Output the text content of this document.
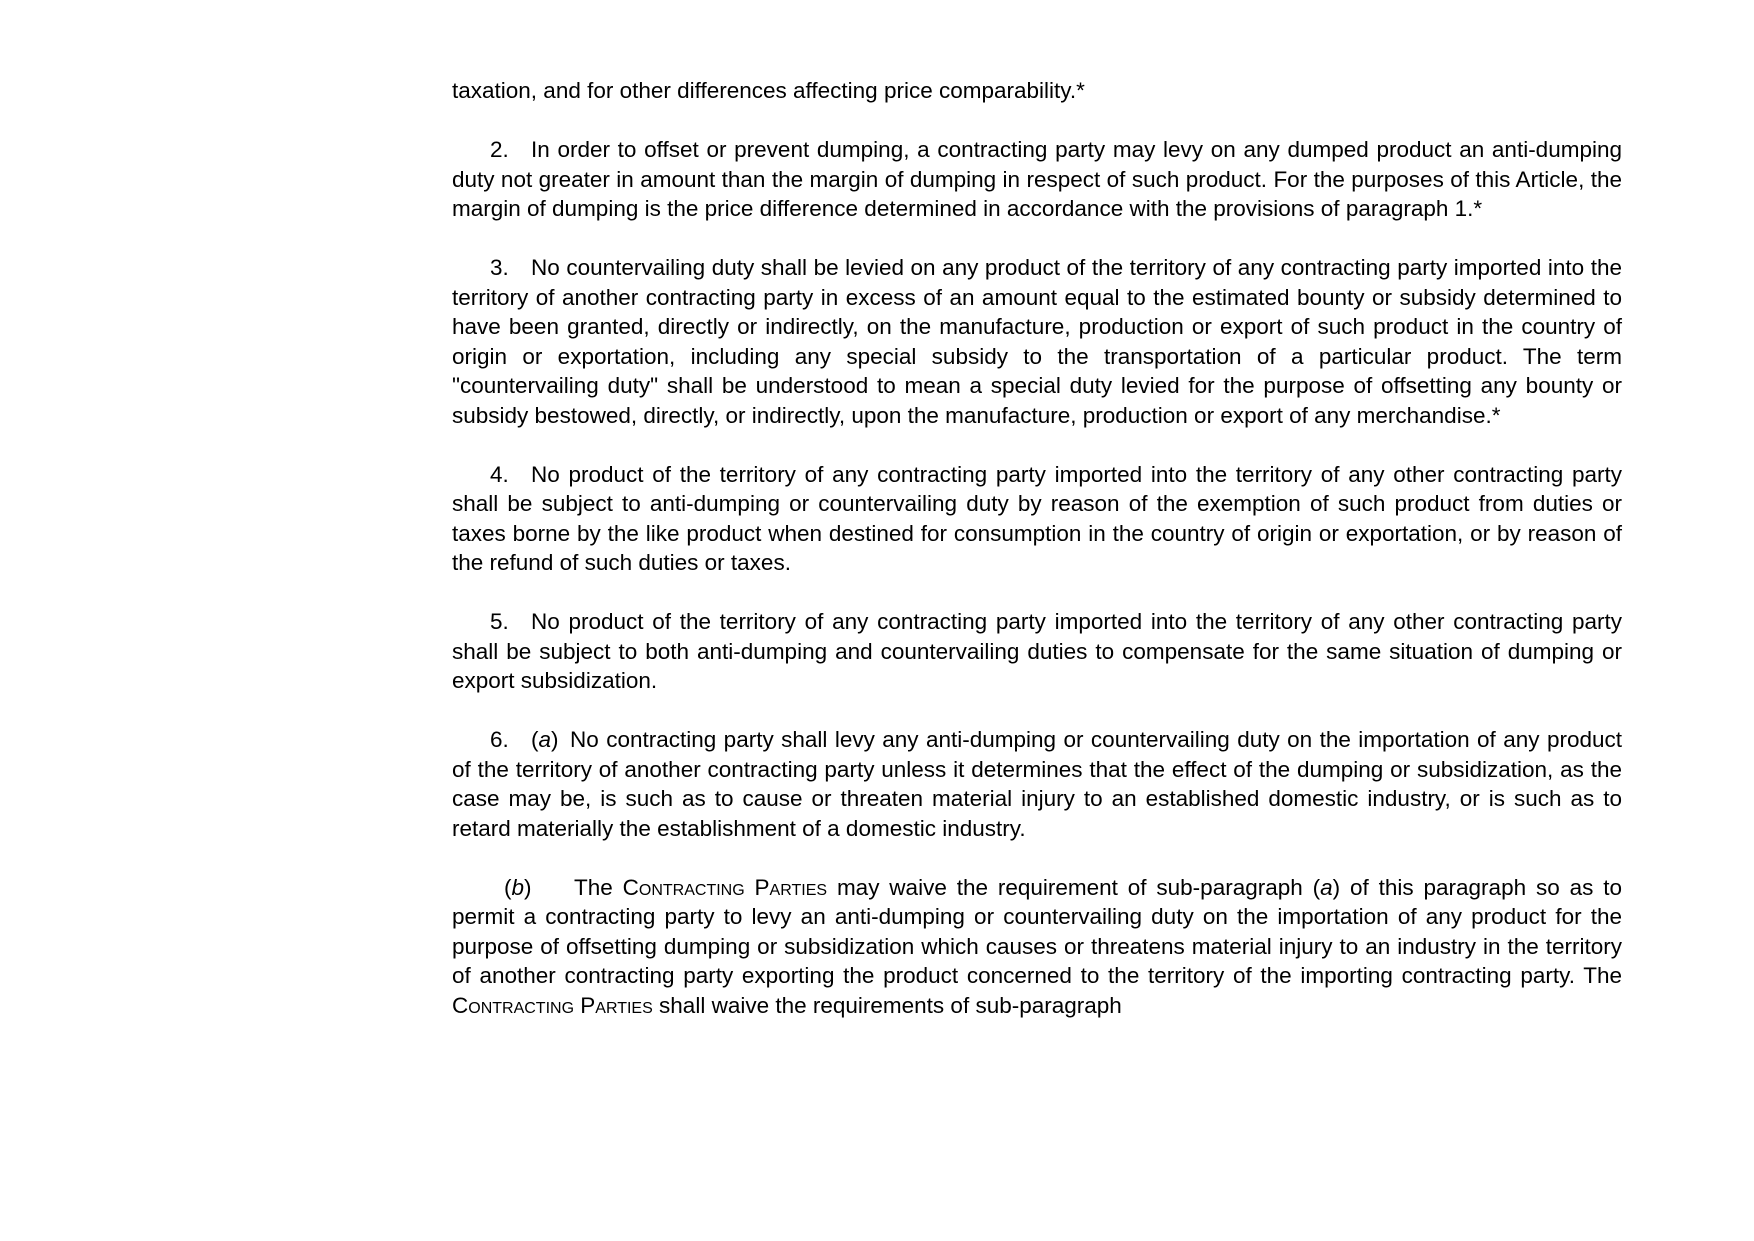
taxation, and for other differences affecting price comparability.*

2. In order to offset or prevent dumping, a contracting party may levy on any dumped product an anti-dumping duty not greater in amount than the margin of dumping in respect of such product. For the purposes of this Article, the margin of dumping is the price difference determined in accordance with the provisions of paragraph 1.*

3. No countervailing duty shall be levied on any product of the territory of any contracting party imported into the territory of another contracting party in excess of an amount equal to the estimated bounty or subsidy determined to have been granted, directly or indirectly, on the manufacture, production or export of such product in the country of origin or exportation, including any special subsidy to the transportation of a particular product. The term "countervailing duty" shall be understood to mean a special duty levied for the purpose of offsetting any bounty or subsidy bestowed, directly, or indirectly, upon the manufacture, production or export of any merchandise.*

4. No product of the territory of any contracting party imported into the territory of any other contracting party shall be subject to anti-dumping or countervailing duty by reason of the exemption of such product from duties or taxes borne by the like product when destined for consumption in the country of origin or exportation, or by reason of the refund of such duties or taxes.

5. No product of the territory of any contracting party imported into the territory of any other contracting party shall be subject to both anti-dumping and countervailing duties to compensate for the same situation of dumping or export subsidization.

6. (a) No contracting party shall levy any anti-dumping or countervailing duty on the importation of any product of the territory of another contracting party unless it determines that the effect of the dumping or subsidization, as the case may be, is such as to cause or threaten material injury to an established domestic industry, or is such as to retard materially the establishment of a domestic industry.

(b) The Contracting Parties may waive the requirement of sub-paragraph (a) of this paragraph so as to permit a contracting party to levy an anti-dumping or countervailing duty on the importation of any product for the purpose of offsetting dumping or subsidization which causes or threatens material injury to an industry in the territory of another contracting party exporting the product concerned to the territory of the importing contracting party. The Contracting Parties shall waive the requirements of sub-paragraph
